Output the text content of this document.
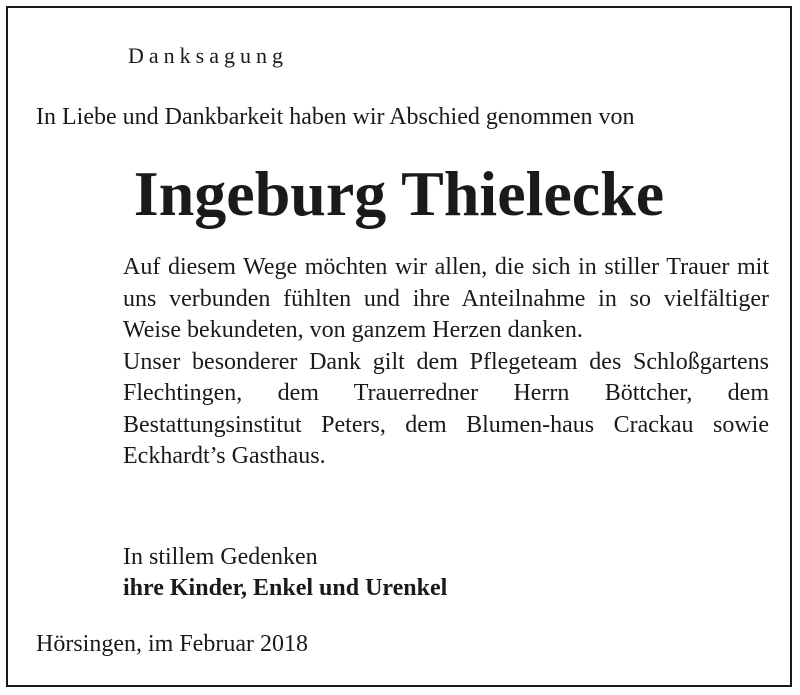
Danksagung
In Liebe und Dankbarkeit haben wir Abschied genommen von
Ingeburg Thielecke

Auf diesem Wege möchten wir allen, die sich in stiller Trauer mit uns verbunden fühlten und ihre Anteilnahme in so vielfältiger Weise bekundeten, von ganzem Herzen danken.

Unser besonderer Dank gilt dem Pflegeteam des Schloßgartens Flechtingen, dem Trauerredner Herrn Böttcher, dem Bestattungsinstitut Peters, dem Blumen-haus Crackau sowie Eckhardt’s Gasthaus.

In stillem Gedenken
ihre Kinder, Enkel und Urenkel
Hörsingen, im Februar 2018
